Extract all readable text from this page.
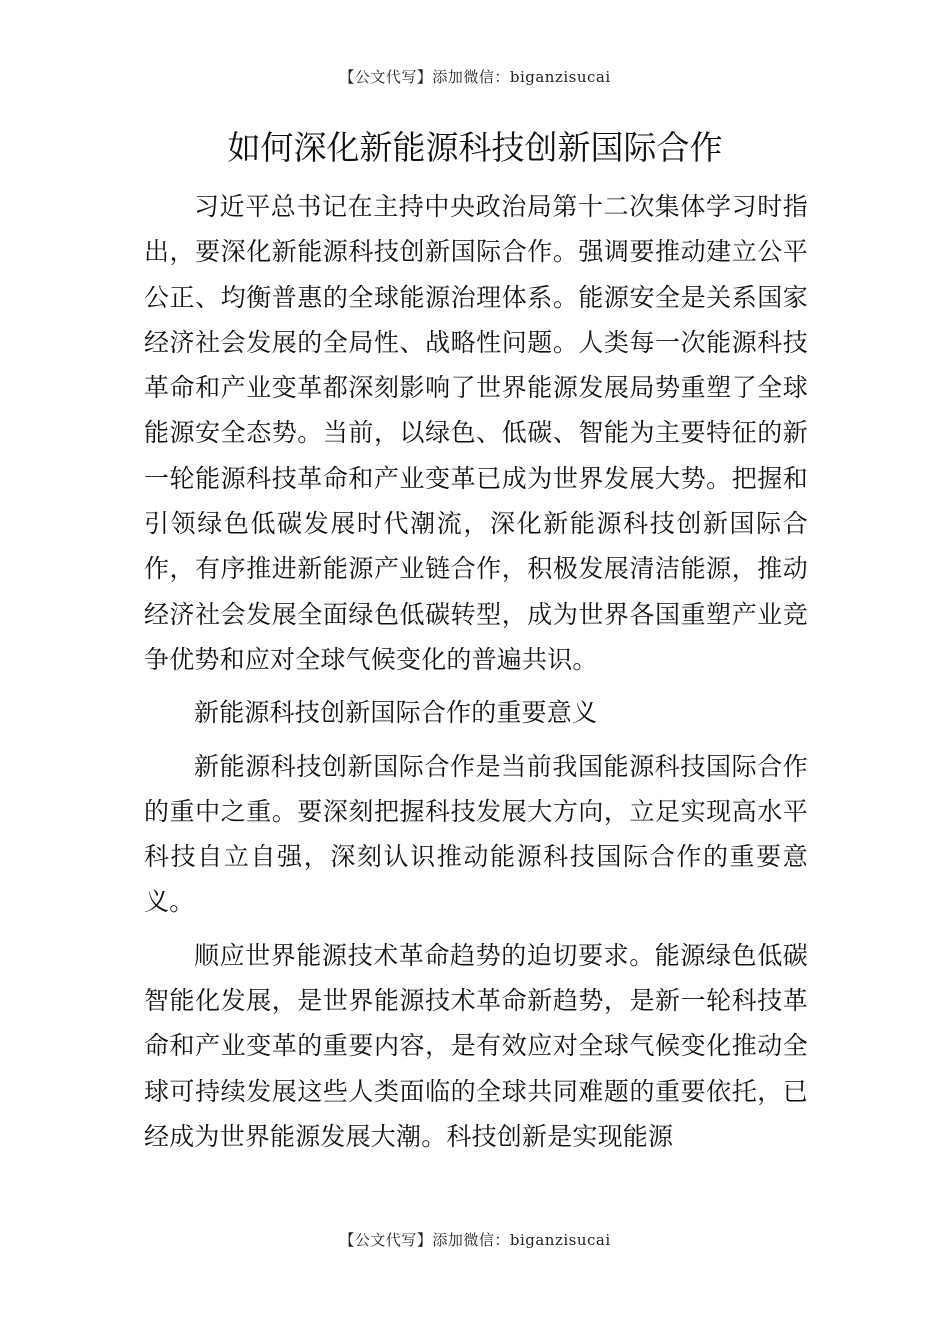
【公文代写】添加微信：biganzisucai
如何深化新能源科技创新国际合作

习近平总书记在主持中央政治局第十二次集体学习时指出，要深化新能源科技创新国际合作。强调要推动建立公平公正、均衡普惠的全球能源治理体系。能源安全是关系国家经济社会发展的全局性、战略性问题。人类每一次能源科技革命和产业变革都深刻影响了世界能源发展局势重塑了全球能源安全态势。当前，以绿色、低碳、智能为主要特征的新一轮能源科技革命和产业变革已成为世界发展大势。把握和引领绿色低碳发展时代潮流，深化新能源科技创新国际合作，有序推进新能源产业链合作，积极发展清洁能源，推动经济社会发展全面绿色低碳转型，成为世界各国重塑产业竞争优势和应对全球气候变化的普遍共识。

新能源科技创新国际合作的重要意义

新能源科技创新国际合作是当前我国能源科技国际合作的重中之重。要深刻把握科技发展大方向，立足实现高水平科技自立自强，深刻认识推动能源科技国际合作的重要意义。

顺应世界能源技术革命趋势的迫切要求。能源绿色低碳智能化发展，是世界能源技术革命新趋势，是新一轮科技革命和产业变革的重要内容，是有效应对全球气候变化推动全球可持续发展这些人类面临的全球共同难题的重要依托，已经成为世界能源发展大潮。科技创新是实现能源

【公文代写】添加微信：biganzisucai
